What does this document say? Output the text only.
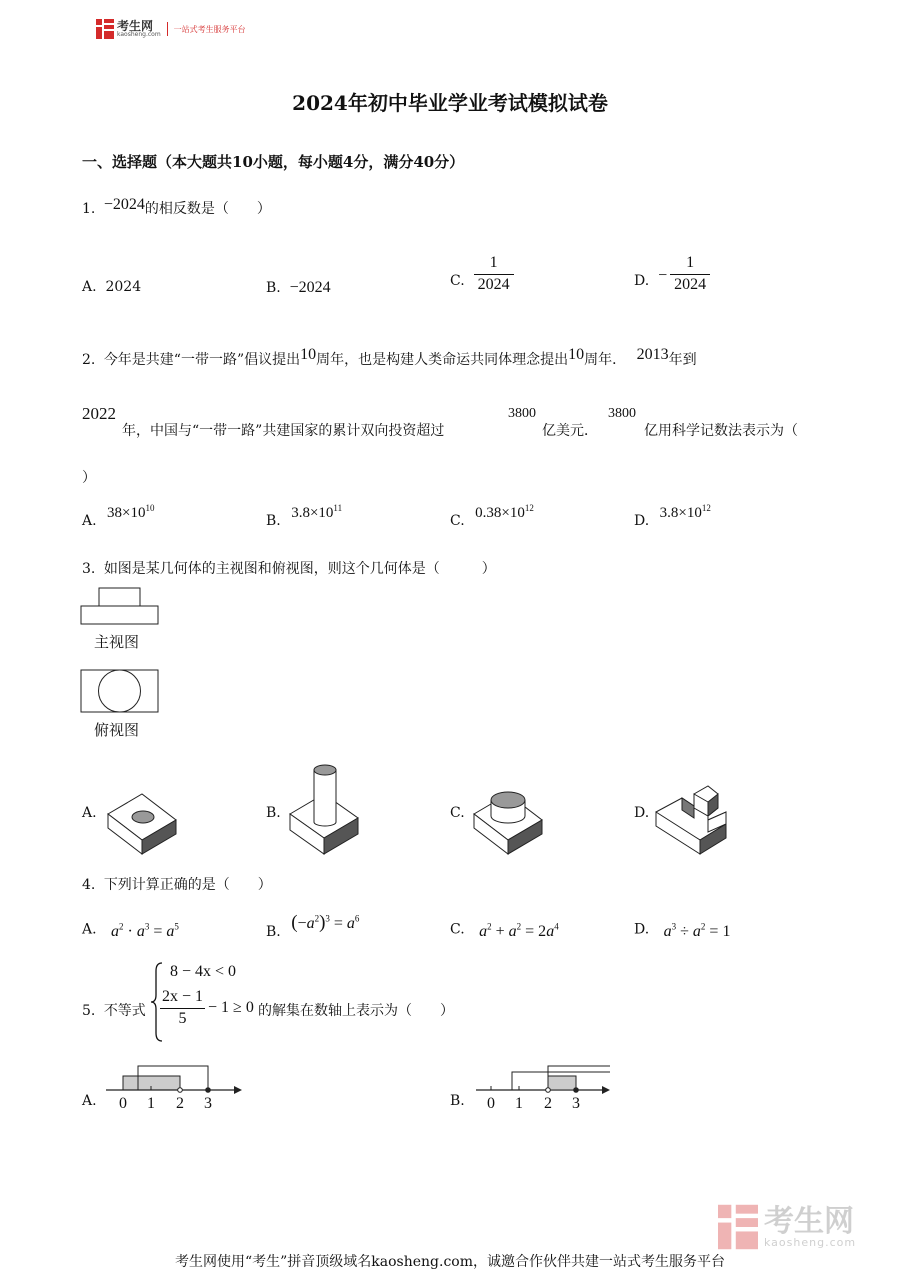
考生网
kaosheng.com
一站式考生服务平台
2024年初中毕业学业考试模拟试卷
一、选择题（本大题共10小题，每小题4分，满分40分）
1. −2024的相反数是（　　）
A. 2024	B. −2024	C.
$\frac{1}{2024}$	D.
− $\frac{1}{2024}$
2. 今年是共建“一带一路”倡议提出10周年，也是构建人类命运共同体理念提出10周年． 2013年到
2022
年，中国与“一带一路”共建国家的累计双向投资超过
3800
亿美元．
3800
亿用科学记数法表示为（
）
A. $38\times 10^{10}$
B. $3.8\times 10^{11}$
C. $0.38\times 10^{12}$
D. $3.8\times 10^{12}$
3. 如图是某几何体的主视图和俯视图，则这个几何体是（　　　）
主视图
俯视图
A.	B.	C.	D.
4. 下列计算正确的是（　　）
A. $a^2 \cdot a^3 = a^5$	B. $(-a^2)^3 = a^6$
C. $a^2 + a^2 = 2a^4$	D. $a^3 \div a^2 = 1$
5. 不等式
8 − 4x < 0
$\frac{2x - 1}{5} - 1 \ge 0$ 的解集在数轴上表示为（　　）
A. 0 1 2 3	B. 0 1 2 3
考生网
kaosheng.com
考生网使用“考生”拼音顶级域名kaosheng.com，诚邀合作伙伴共建一站式考生服务平台
